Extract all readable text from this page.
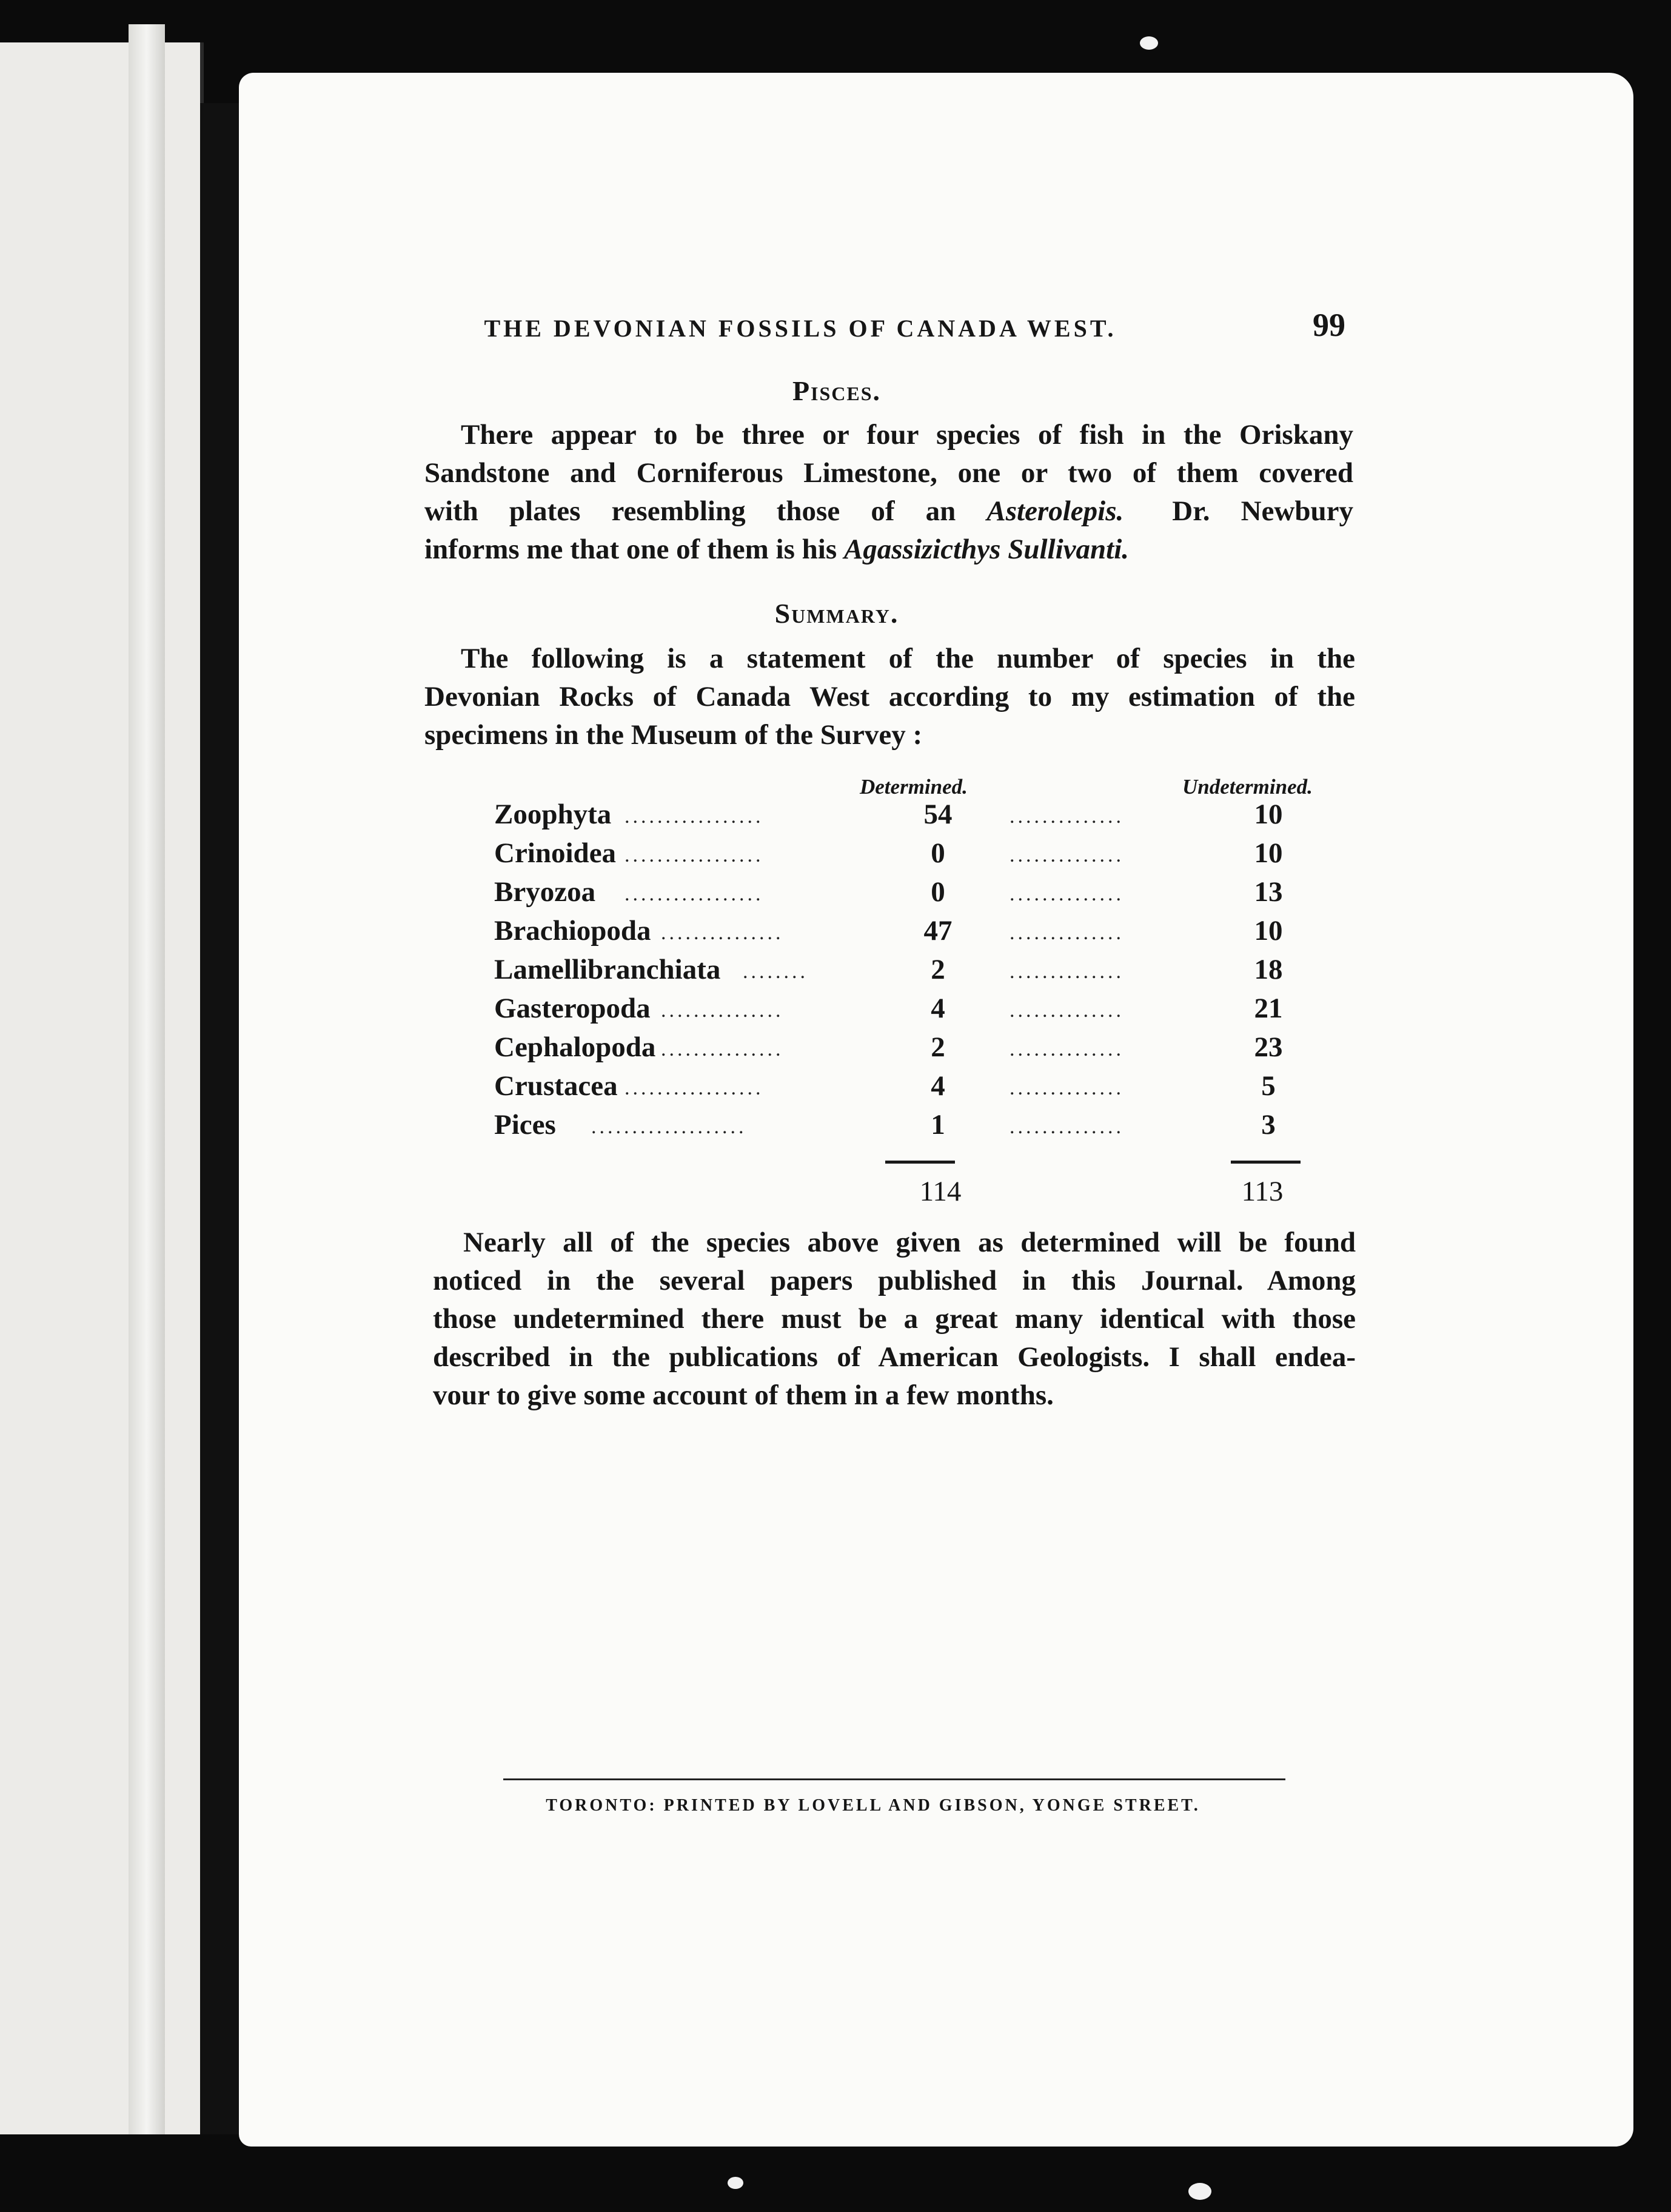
THE DEVONIAN FOSSILS OF CANADA WEST.	99
Pisces.
There appear to be three or four species of fish in the Oriskany
Sandstone and Corniferous Limestone, one or two of them covered
with plates resembling those of an Asterolepis. Dr. Newbury
informs me that one of them is his Agassizicthys Sullivanti.
Summary.
The following is a statement of the number of species in the
Devonian Rocks of Canada West according to my estimation of the
specimens in the Museum of the Survey :
Determined.	Undetermined.
Zoophyta .................	54	..............	10
Crinoidea .................	0	..............	10
Bryozoa .................	0	..............	13
Brachiopoda ...............	47	..............	10
Lamellibranchiata ........	2	..............	18
Gasteropoda ...............	4	..............	21
Cephalopoda ...............	2	..............	23
Crustacea .................	4	..............	5
Pices ...................	1	..............	3
114	113
Nearly all of the species above given as determined will be found
noticed in the several papers published in this Journal. Among
those undetermined there must be a great many identical with those
described in the publications of American Geologists. I shall endea-
vour to give some account of them in a few months.
TORONTO: PRINTED BY LOVELL AND GIBSON, YONGE STREET.
